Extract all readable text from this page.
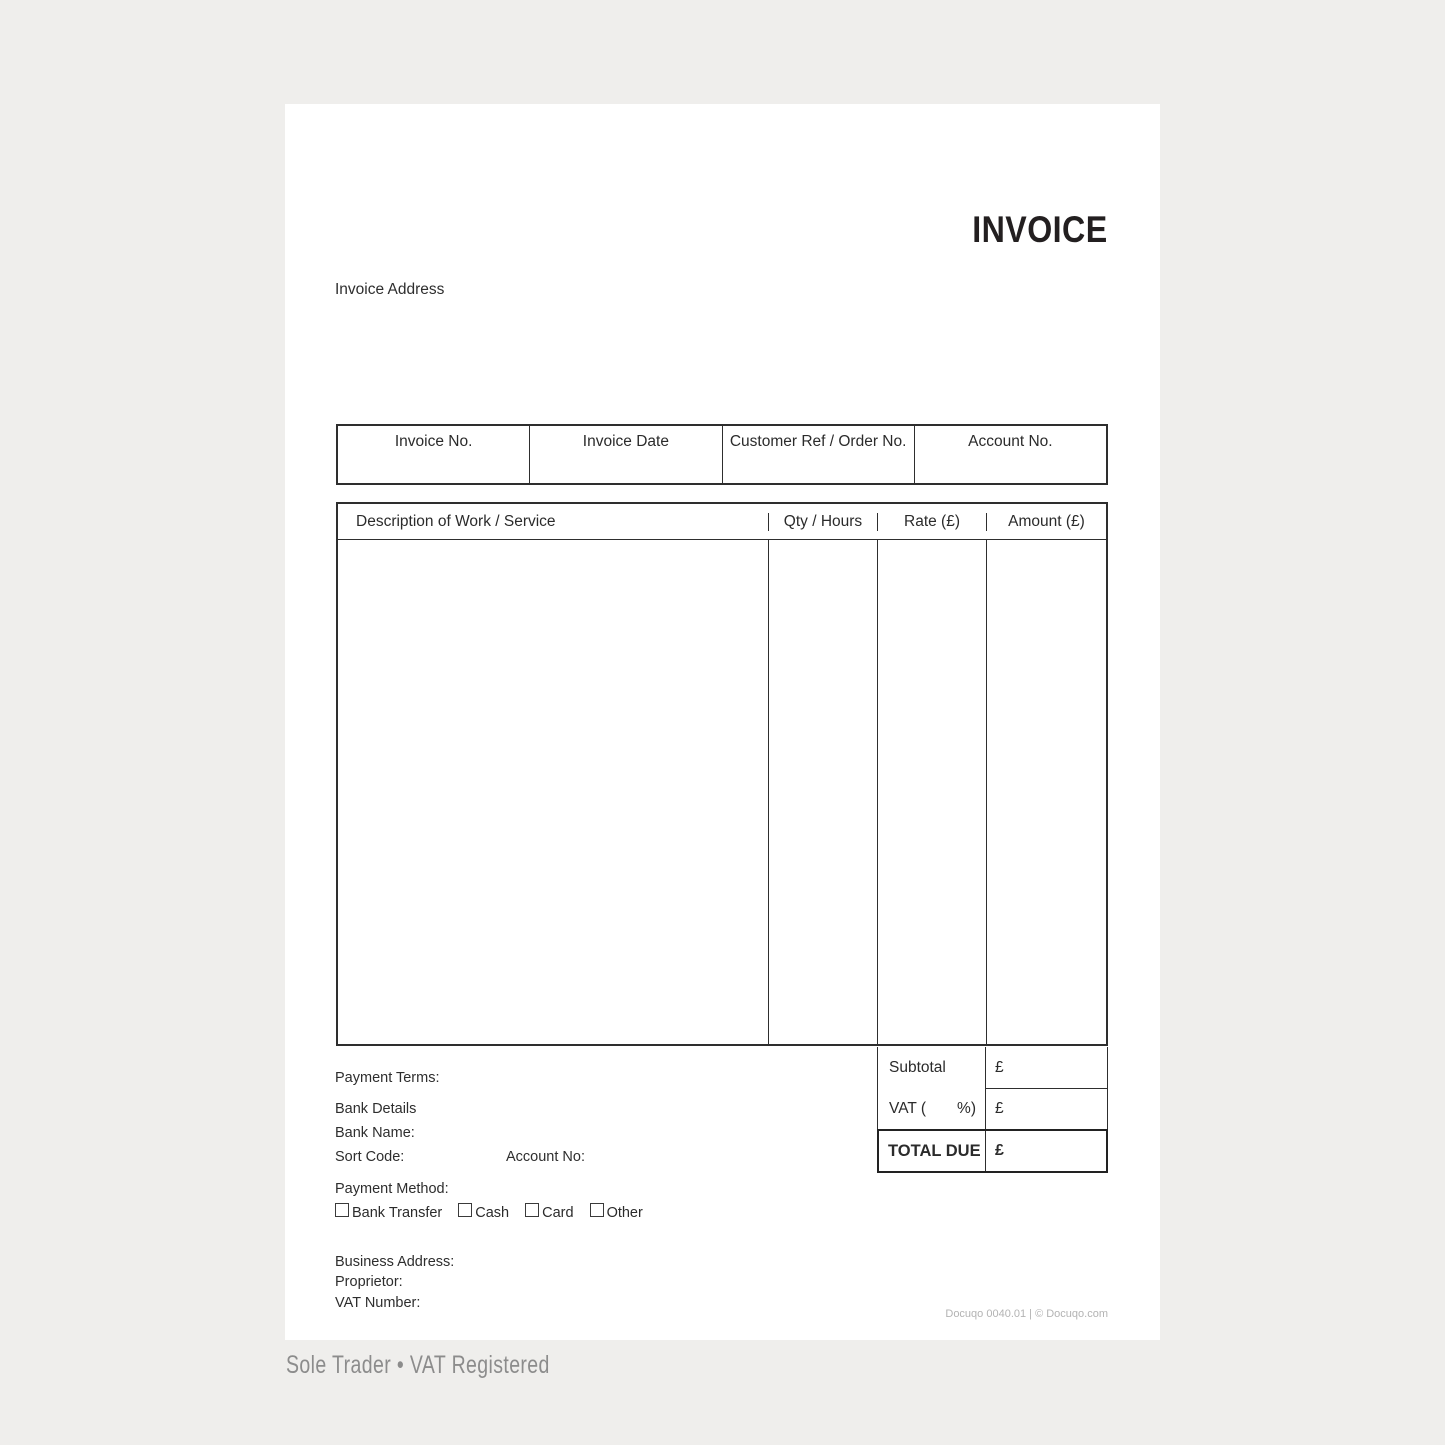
INVOICE
Invoice Address
Invoice No.	Invoice Date	Customer Ref / Order No.	Account No.
Description of Work / Service	Qty / Hours	Rate (£)	Amount (£)
Subtotal	£
VAT ( %) £
TOTAL DUE £
Payment Terms:
Bank Details
Bank Name:
Sort Code:	Account No:
Payment Method:
Bank Transfer Cash Card Other
Business Address:
Proprietor:
VAT Number:
Docuqo 0040.01 | © Docuqo.com
Sole Trader • VAT Registered
